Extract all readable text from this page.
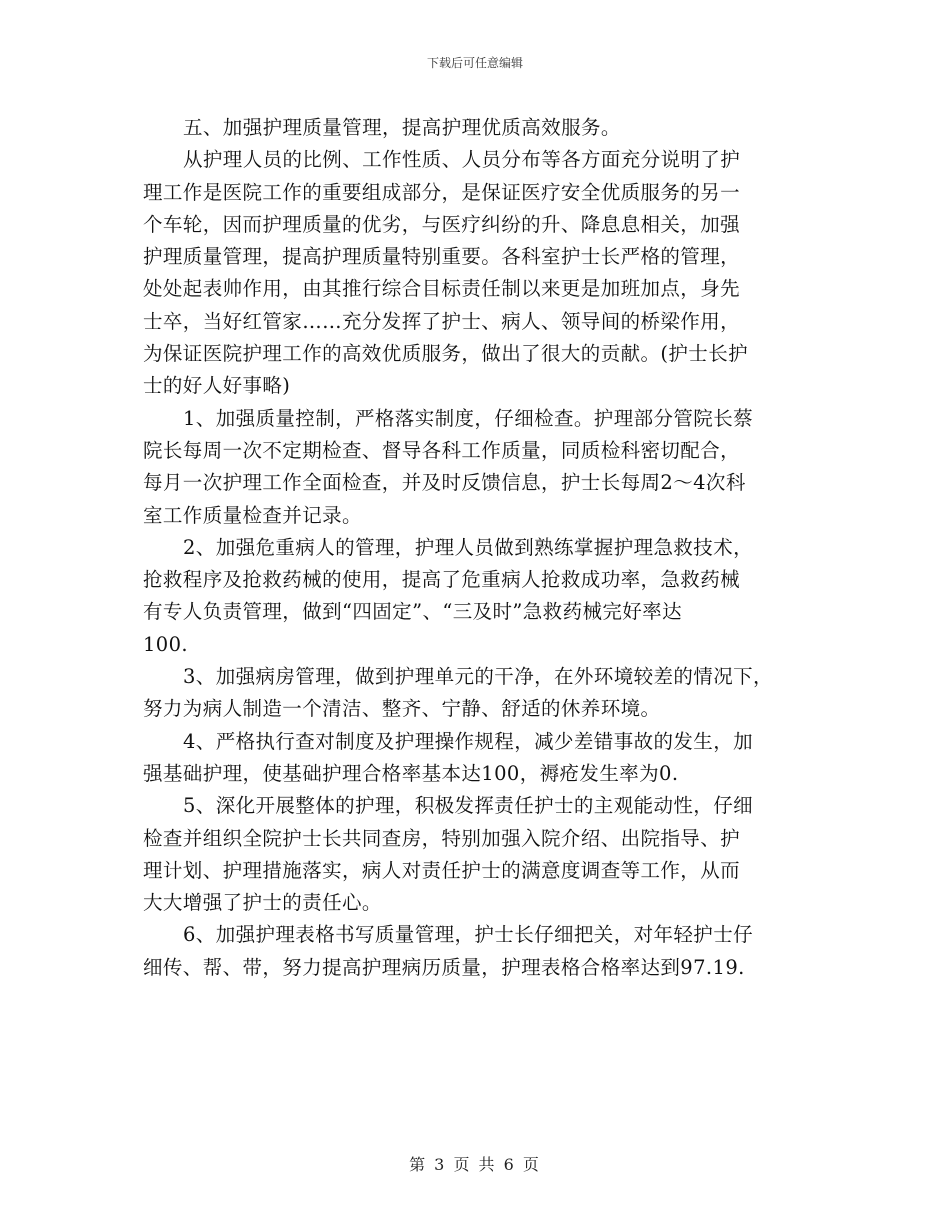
下载后可任意编辑
五、加强护理质量管理，提高护理优质高效服务。
从护理人员的比例、工作性质、人员分布等各方面充分说明了护
理工作是医院工作的重要组成部分，是保证医疗安全优质服务的另一
个车轮，因而护理质量的优劣，与医疗纠纷的升、降息息相关，加强
护理质量管理，提高护理质量特别重要。各科室护士长严格的管理，
处处起表帅作用，由其推行综合目标责任制以来更是加班加点，身先
士卒，当好红管家……充分发挥了护士、病人、领导间的桥梁作用，
为保证医院护理工作的高效优质服务，做出了很大的贡献。(护士长护
士的好人好事略)
1、加强质量控制，严格落实制度，仔细检查。护理部分管院长蔡
院长每周一次不定期检查、督导各科工作质量，同质检科密切配合，
每月一次护理工作全面检查，并及时反馈信息，护士长每周2～4次科
室工作质量检查并记录。
2、加强危重病人的管理，护理人员做到熟练掌握护理急救技术，
抢救程序及抢救药械的使用，提高了危重病人抢救成功率，急救药械
有专人负责管理，做到“四固定”、“三及时”急救药械完好率达
100.
3、加强病房管理，做到护理单元的干净，在外环境较差的情况下，
努力为病人制造一个清洁、整齐、宁静、舒适的休养环境。
4、严格执行查对制度及护理操作规程，减少差错事故的发生，加
强基础护理，使基础护理合格率基本达100，褥疮发生率为0.
5、深化开展整体的护理，积极发挥责任护士的主观能动性，仔细
检查并组织全院护士长共同查房，特别加强入院介绍、出院指导、护
理计划、护理措施落实，病人对责任护士的满意度调查等工作，从而
大大增强了护士的责任心。
6、加强护理表格书写质量管理，护士长仔细把关，对年轻护士仔
细传、帮、带，努力提高护理病历质量，护理表格合格率达到97.19.
第 3 页 共 6 页
